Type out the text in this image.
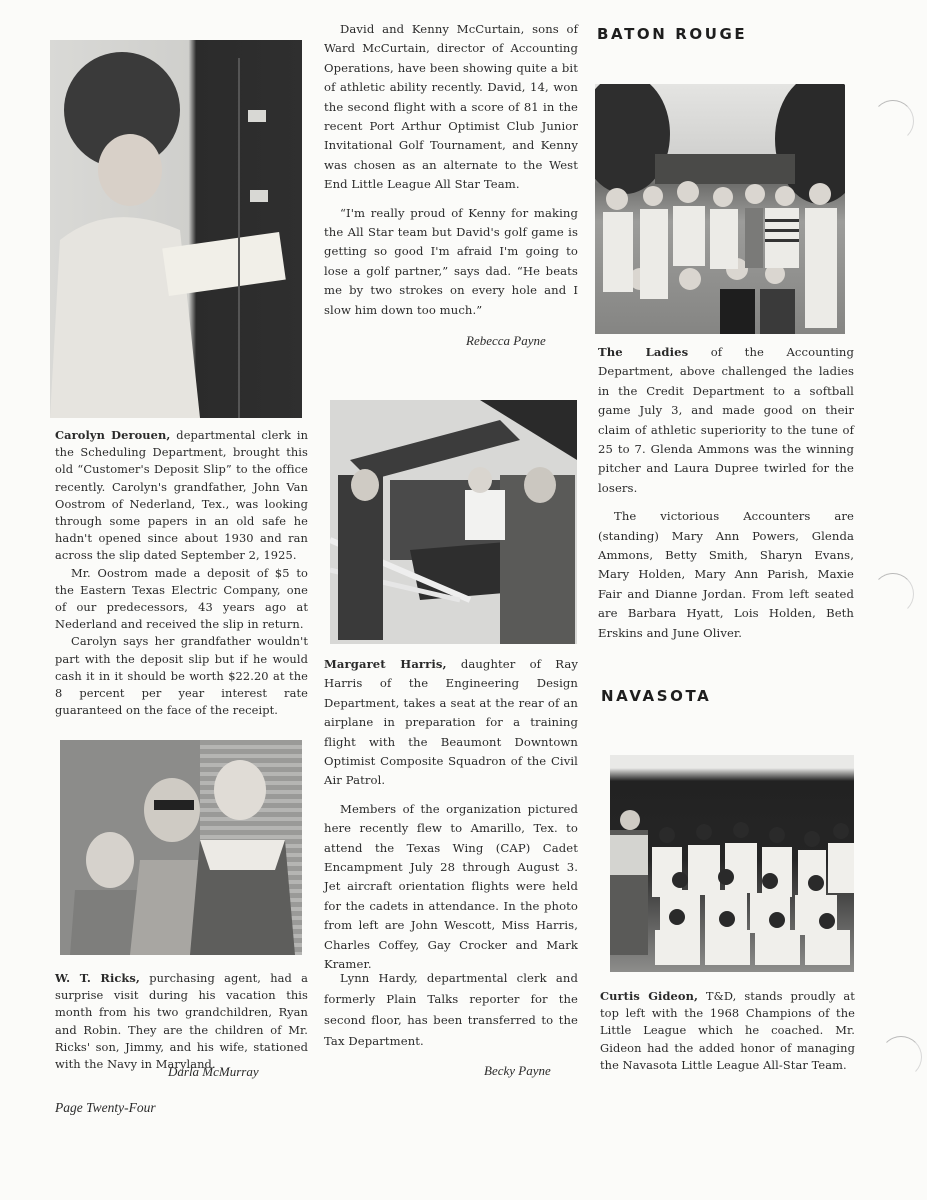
Carolyn Derouen, departmental clerk in the Scheduling Department, brought this old “Customer's Deposit Slip” to the office recently. Carolyn's grandfather, John Van Oostrom of Nederland, Tex., was looking through some papers in an old safe he hadn't opened since about 1930 and ran across the slip dated September 2, 1925.

Mr. Oostrom made a deposit of $5 to the Eastern Texas Electric Company, one of our predecessors, 43 years ago at Nederland and received the slip in return.

Carolyn says her grandfather wouldn't part with the deposit slip but if he would cash it in it should be worth $22.20 at the 8 percent per year interest rate guaranteed on the face of the receipt.

W. T. Ricks, purchasing agent, had a surprise visit during his vacation this month from his two grandchildren, Ryan and Robin. They are the children of Mr. Ricks' son, Jimmy, and his wife, stationed with the Navy in Maryland.

Darla McMurray
Page Twenty-Four

David and Kenny McCurtain, sons of Ward McCurtain, director of Accounting Operations, have been showing quite a bit of athletic ability recently. David, 14, won the second flight with a score of 81 in the recent Port Arthur Optimist Club Junior Invitational Golf Tournament, and Kenny was chosen as an alternate to the West End Little League All Star Team.

“I'm really proud of Kenny for making the All Star team but David's golf game is getting so good I'm afraid I'm going to lose a golf partner,” says dad. “He beats me by two strokes on every hole and I slow him down too much.”

Rebecca Payne

Margaret Harris, daughter of Ray Harris of the Engineering Design Department, takes a seat at the rear of an airplane in preparation for a training flight with the Beaumont Downtown Optimist Composite Squadron of the Civil Air Patrol.

Members of the organization pictured here recently flew to Amarillo, Tex. to attend the Texas Wing (CAP) Cadet Encampment July 28 through August 3. Jet aircraft orientation flights were held for the cadets in attendance. In the photo from left are John Wescott, Miss Harris, Charles Coffey, Gay Crocker and Mark Kramer.

Lynn Hardy, departmental clerk and formerly Plain Talks reporter for the second floor, has been transferred to the Tax Department.

Becky Payne
BATON ROUGE

The Ladies of the Accounting Department, above challenged the ladies in the Credit Department to a softball game July 3, and made good on their claim of athletic superiority to the tune of 25 to 7. Glenda Ammons was the winning pitcher and Laura Dupree twirled for the losers.

The victorious Accounters are (standing) Mary Ann Powers, Glenda Ammons, Betty Smith, Sharyn Evans, Mary Holden, Mary Ann Parish, Maxie Fair and Dianne Jordan. From left seated are Barbara Hyatt, Lois Holden, Beth Erskins and June Oliver.

NAVASOTA

Curtis Gideon, T&D, stands proudly at top left with the 1968 Champions of the Little League which he coached. Mr. Gideon had the added honor of managing the Navasota Little League All-Star Team.
